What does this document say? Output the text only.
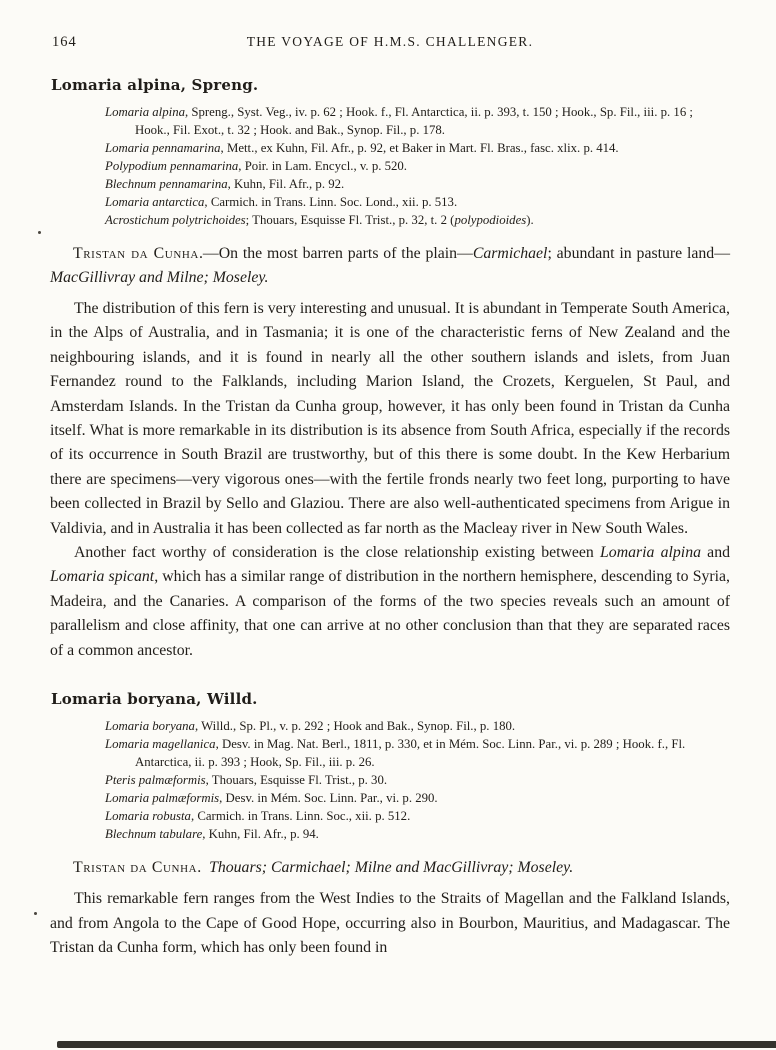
164	THE VOYAGE OF H.M.S. CHALLENGER.
Lomaria alpina, Spreng.

Lomaria alpina, Spreng., Syst. Veg., iv. p. 62 ; Hook. f., Fl. Antarctica, ii. p. 393, t. 150 ; Hook., Sp. Fil., iii. p. 16 ; Hook., Fil. Exot., t. 32 ; Hook. and Bak., Synop. Fil., p. 178.

Lomaria pennamarina, Mett., ex Kuhn, Fil. Afr., p. 92, et Baker in Mart. Fl. Bras., fasc. xlix. p. 414.

Polypodium pennamarina, Poir. in Lam. Encycl., v. p. 520.

Blechnum pennamarina, Kuhn, Fil. Afr., p. 92.

Lomaria antarctica, Carmich. in Trans. Linn. Soc. Lond., xii. p. 513.

Acrostichum polytrichoides; Thouars, Esquisse Fl. Trist., p. 32, t. 2 (polypodioides).

Tristan da Cunha.—On the most barren parts of the plain—Carmichael; abundant in pasture land—MacGillivray and Milne; Moseley.

The distribution of this fern is very interesting and unusual. It is abundant in Temperate South America, in the Alps of Australia, and in Tasmania; it is one of the characteristic ferns of New Zealand and the neighbouring islands, and it is found in nearly all the other southern islands and islets, from Juan Fernandez round to the Falklands, including Marion Island, the Crozets, Kerguelen, St Paul, and Amsterdam Islands. In the Tristan da Cunha group, however, it has only been found in Tristan da Cunha itself. What is more remarkable in its distribution is its absence from South Africa, especially if the records of its occurrence in South Brazil are trustworthy, but of this there is some doubt. In the Kew Herbarium there are specimens—very vigorous ones—with the fertile fronds nearly two feet long, purporting to have been collected in Brazil by Sello and Glaziou. There are also well-authenticated specimens from Arigue in Valdivia, and in Australia it has been collected as far north as the Macleay river in New South Wales.

Another fact worthy of consideration is the close relationship existing between Lomaria alpina and Lomaria spicant, which has a similar range of distribution in the northern hemisphere, descending to Syria, Madeira, and the Canaries. A comparison of the forms of the two species reveals such an amount of parallelism and close affinity, that one can arrive at no other conclusion than that they are separated races of a common ancestor.

Lomaria boryana, Willd.

Lomaria boryana, Willd., Sp. Pl., v. p. 292 ; Hook and Bak., Synop. Fil., p. 180.

Lomaria magellanica, Desv. in Mag. Nat. Berl., 1811, p. 330, et in Mém. Soc. Linn. Par., vi. p. 289 ; Hook. f., Fl. Antarctica, ii. p. 393 ; Hook, Sp. Fil., iii. p. 26.

Pteris palmæformis, Thouars, Esquisse Fl. Trist., p. 30.

Lomaria palmæformis, Desv. in Mém. Soc. Linn. Par., vi. p. 290.

Lomaria robusta, Carmich. in Trans. Linn. Soc., xii. p. 512.

Blechnum tabulare, Kuhn, Fil. Afr., p. 94.

Tristan da Cunha.  Thouars; Carmichael; Milne and MacGillivray; Moseley.

This remarkable fern ranges from the West Indies to the Straits of Magellan and the Falkland Islands, and from Angola to the Cape of Good Hope, occurring also in Bourbon, Mauritius, and Madagascar. The Tristan da Cunha form, which has only been found in
